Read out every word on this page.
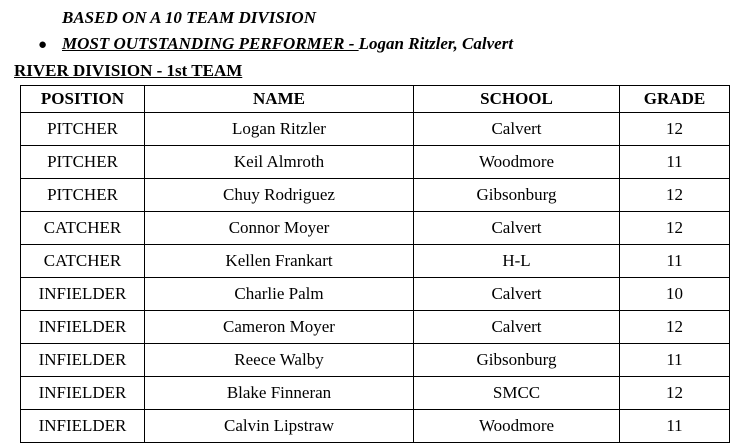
BASED ON A 10 TEAM DIVISION

● MOST OUTSTANDING PERFORMER - Logan Ritzler, Calvert

RIVER DIVISION - 1st TEAM

POSITION	NAME	SCHOOL	GRADE
PITCHER	Logan Ritzler	Calvert	12
PITCHER	Keil Almroth	Woodmore	11
PITCHER	Chuy Rodriguez	Gibsonburg	12
CATCHER	Connor Moyer	Calvert	12
CATCHER	Kellen Frankart	H-L	11
INFIELDER	Charlie Palm	Calvert	10
INFIELDER	Cameron Moyer	Calvert	12
INFIELDER	Reece Walby	Gibsonburg	11
INFIELDER	Blake Finneran	SMCC	12
INFIELDER	Calvin Lipstraw	Woodmore	11
